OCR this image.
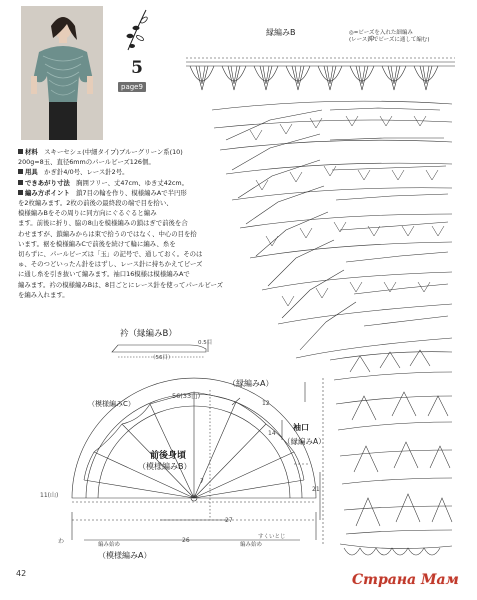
5
page9
材料　 スキーセシェ(中細タイプ)ブルーグリーン系(10)
200g=8玉、直径6mmのパールビーズ126個。
用具　 かぎ針4/0号、レース針2号。
できあがり寸法　 胸囲フリー、丈47cm、ゆき丈42cm。
編み方ポイント　 鎖7目の輪を作り、模様編みAで半円形
を2枚編みます。2枚の前後の最終段の端で目を拾い、
模様編みBをその周りに同方向にぐるぐると編み
ます。前後に折り、脇の8山を模様編みの鎖はぎで前後を合
わせますが、鎖編みからは束で拾うのではなく、中心の目を拾
います。裾を模様編みCで前後を続けて輪に編み、糸を
切らずに、パールビーズは「玉」の記号で、通しておく。そのは
ゅ、そのつどいったん針をはずし、レース針に持ちかえてビーズ
に通し糸を引き抜いて編みます。袖口16模様は模様編みAで
編みます。衿の模様編みBは、8目ごとにレース針を使ってパールビーズ
を編み入れます。
縁編みB	◎=ビーズを入れた細編み
(レース針でビーズに通して編む)
衿（縁編みB）
（56目）
0.5目
（縁編みA）
56(33山)
（模様編みC）
前後身頃
（模様編みB）
袖口
（縁編みA）
14
12
21
27
26
7
11(山)
わ	編み始め	編み始め
すくいとじ
（模様編みA）
42	Страна Мам
